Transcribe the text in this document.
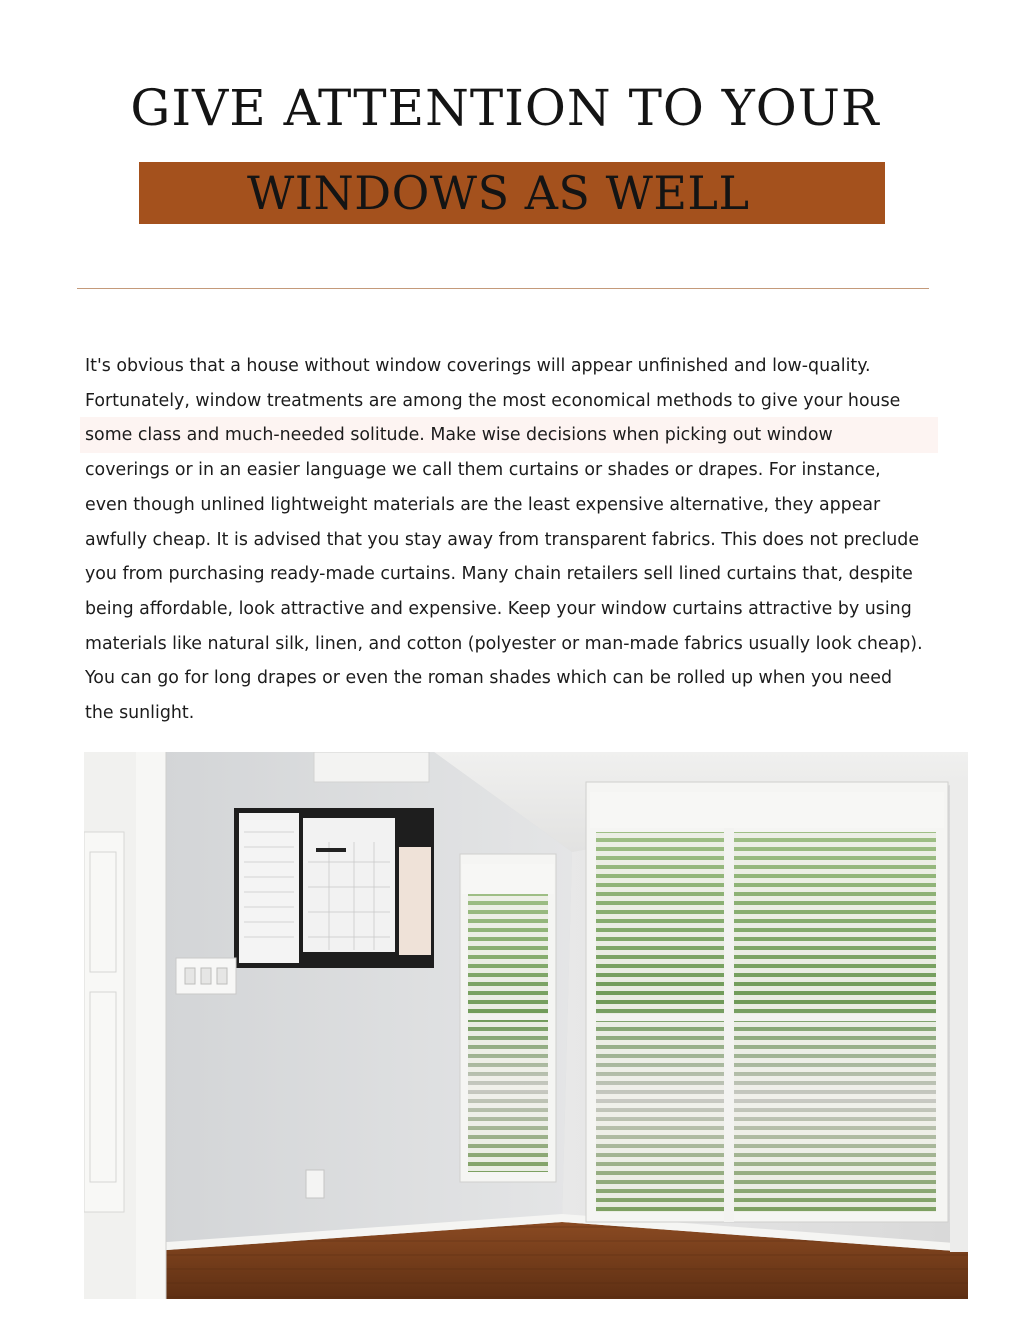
GIVE ATTENTION TO YOUR
WINDOWS AS WELL
It's obvious that a house without window coverings will appear unfinished and low-quality.
Fortunately, window treatments are among the most economical methods to give your house
some class and much-needed solitude. Make wise decisions when picking out window
coverings or in an easier language we call them curtains or shades or drapes. For instance,
even though unlined lightweight materials are the least expensive alternative, they appear
awfully cheap. It is advised that you stay away from transparent fabrics. This does not preclude
you from purchasing ready-made curtains. Many chain retailers sell lined curtains that, despite
being affordable, look attractive and expensive. Keep your window curtains attractive by using
materials like natural silk, linen, and cotton (polyester or man-made fabrics usually look cheap).
You can go for long drapes or even the roman shades which can be rolled up when you need
the sunlight.
